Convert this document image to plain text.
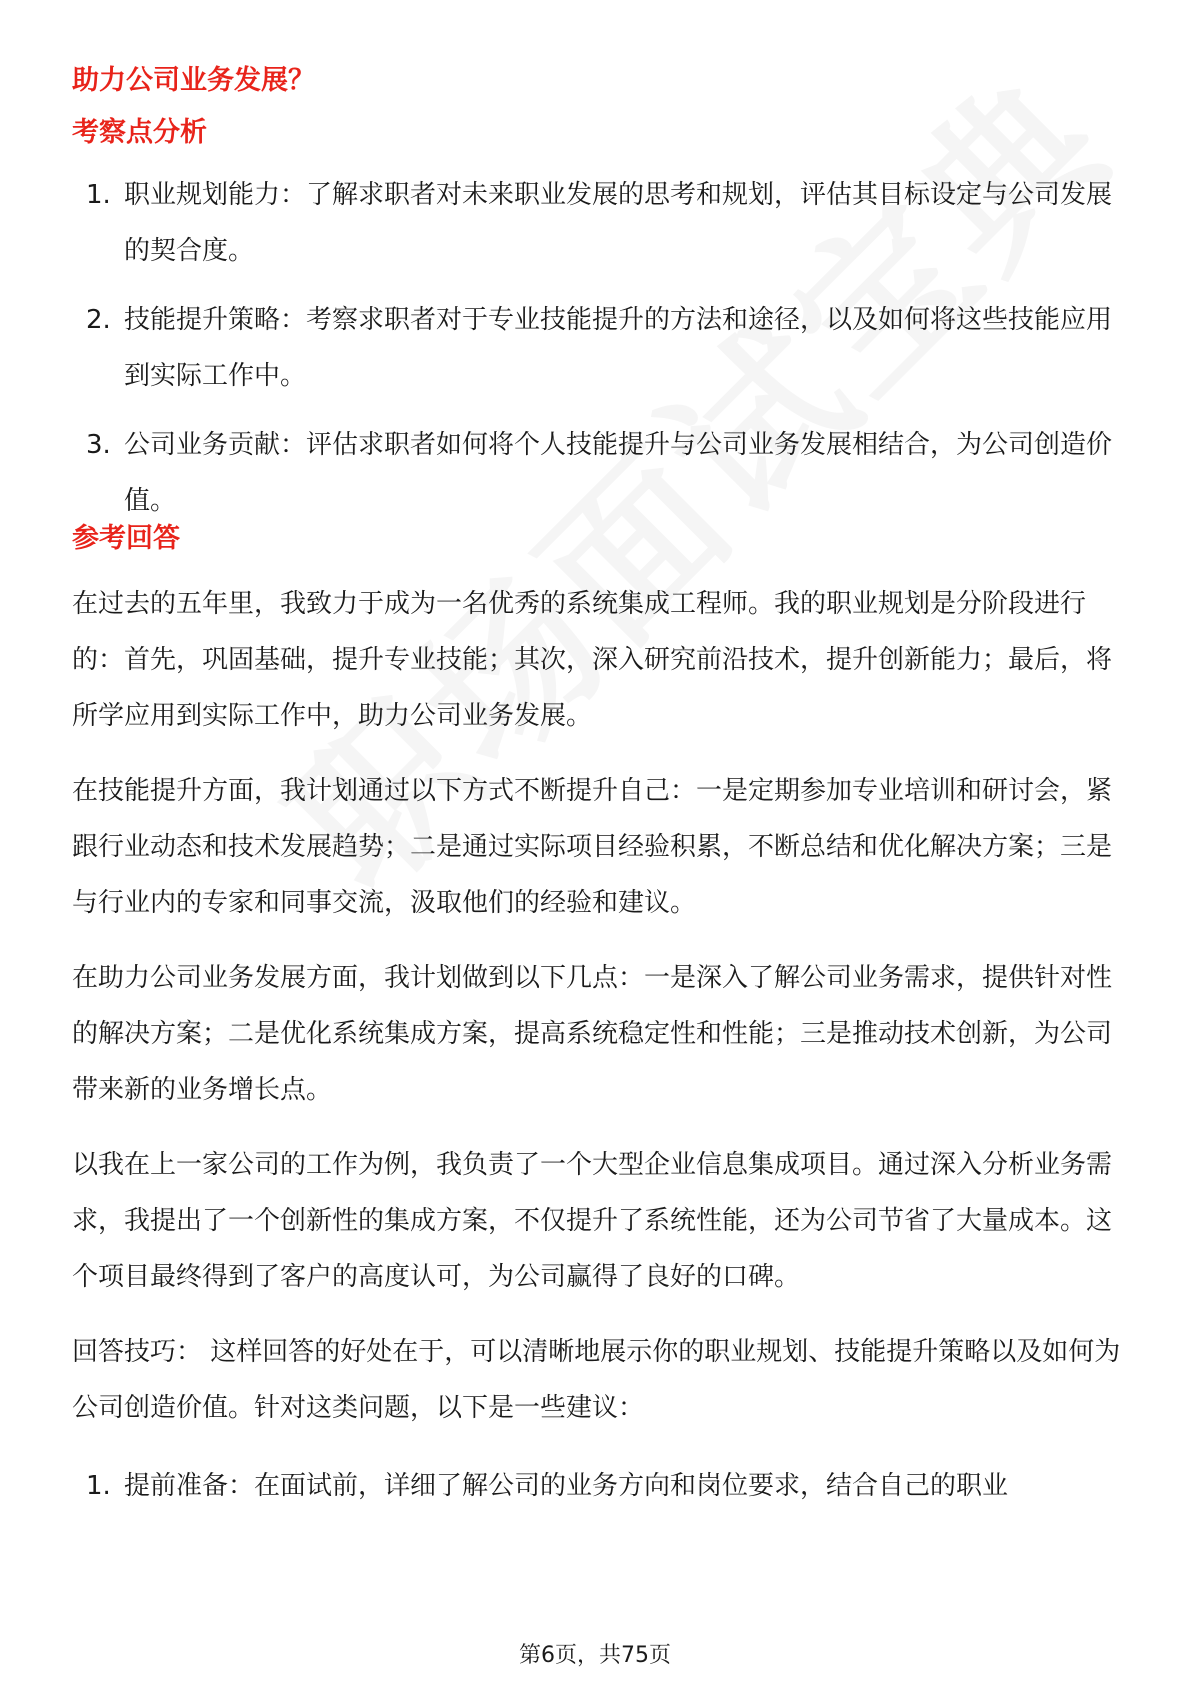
助力公司业务发展？
考察点分析
1. 职业规划能力：了解求职者对未来职业发展的思考和规划，评估其目标设定与公司发展的契合度。
2. 技能提升策略：考察求职者对于专业技能提升的方法和途径，以及如何将这些技能应用到实际工作中。
3. 公司业务贡献：评估求职者如何将个人技能提升与公司业务发展相结合，为公司创造价值。
参考回答

在过去的五年里，我致力于成为一名优秀的系统集成工程师。我的职业规划是分阶段进行的：首先，巩固基础，提升专业技能；其次，深入研究前沿技术，提升创新能力；最后，将所学应用到实际工作中，助力公司业务发展。

在技能提升方面，我计划通过以下方式不断提升自己：一是定期参加专业培训和研讨会，紧跟行业动态和技术发展趋势；二是通过实际项目经验积累，不断总结和优化解决方案；三是与行业内的专家和同事交流，汲取他们的经验和建议。

在助力公司业务发展方面，我计划做到以下几点：一是深入了解公司业务需求，提供针对性的解决方案；二是优化系统集成方案，提高系统稳定性和性能；三是推动技术创新，为公司带来新的业务增长点。

以我在上一家公司的工作为例，我负责了一个大型企业信息集成项目。通过深入分析业务需求，我提出了一个创新性的集成方案，不仅提升了系统性能，还为公司节省了大量成本。这个项目最终得到了客户的高度认可，为公司赢得了良好的口碑。

回答技巧： 这样回答的好处在于，可以清晰地展示你的职业规划、技能提升策略以及如何为公司创造价值。针对这类问题，以下是一些建议：

1. 提前准备：在面试前，详细了解公司的业务方向和岗位要求，结合自己的职业
第6页，共75页
